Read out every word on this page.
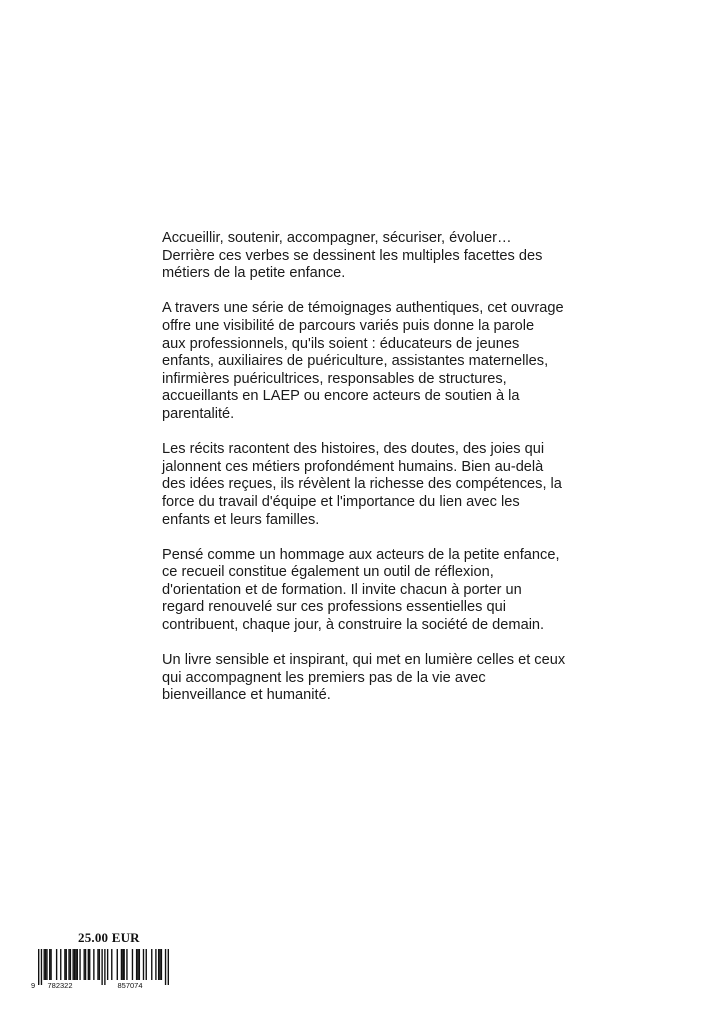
Accueillir, soutenir, accompagner, sécuriser, évoluer…
Derrière ces verbes se dessinent les multiples facettes des
métiers de la petite enfance.

A travers une série de témoignages authentiques, cet ouvrage
offre une visibilité de parcours variés puis donne la parole
aux professionnels, qu'ils soient : éducateurs de jeunes
enfants, auxiliaires de puériculture, assistantes maternelles,
infirmières puéricultrices, responsables de structures,
accueillants en LAEP ou encore acteurs de soutien à la
parentalité.

Les récits racontent des histoires, des doutes, des joies qui
jalonnent ces métiers profondément humains. Bien au-delà
des idées reçues, ils révèlent la richesse des compétences, la
force du travail d'équipe et l'importance du lien avec les
enfants et leurs familles.

Pensé comme un hommage aux acteurs de la petite enfance,
ce recueil constitue également un outil de réflexion,
d'orientation et de formation. Il invite chacun à porter un
regard renouvelé sur ces professions essentielles qui
contribuent, chaque jour, à construire la société de demain.

Un livre sensible et inspirant, qui met en lumière celles et ceux
qui accompagnent les premiers pas de la vie avec
bienveillance et humanité.

25.00 EUR
9 782322	857074
